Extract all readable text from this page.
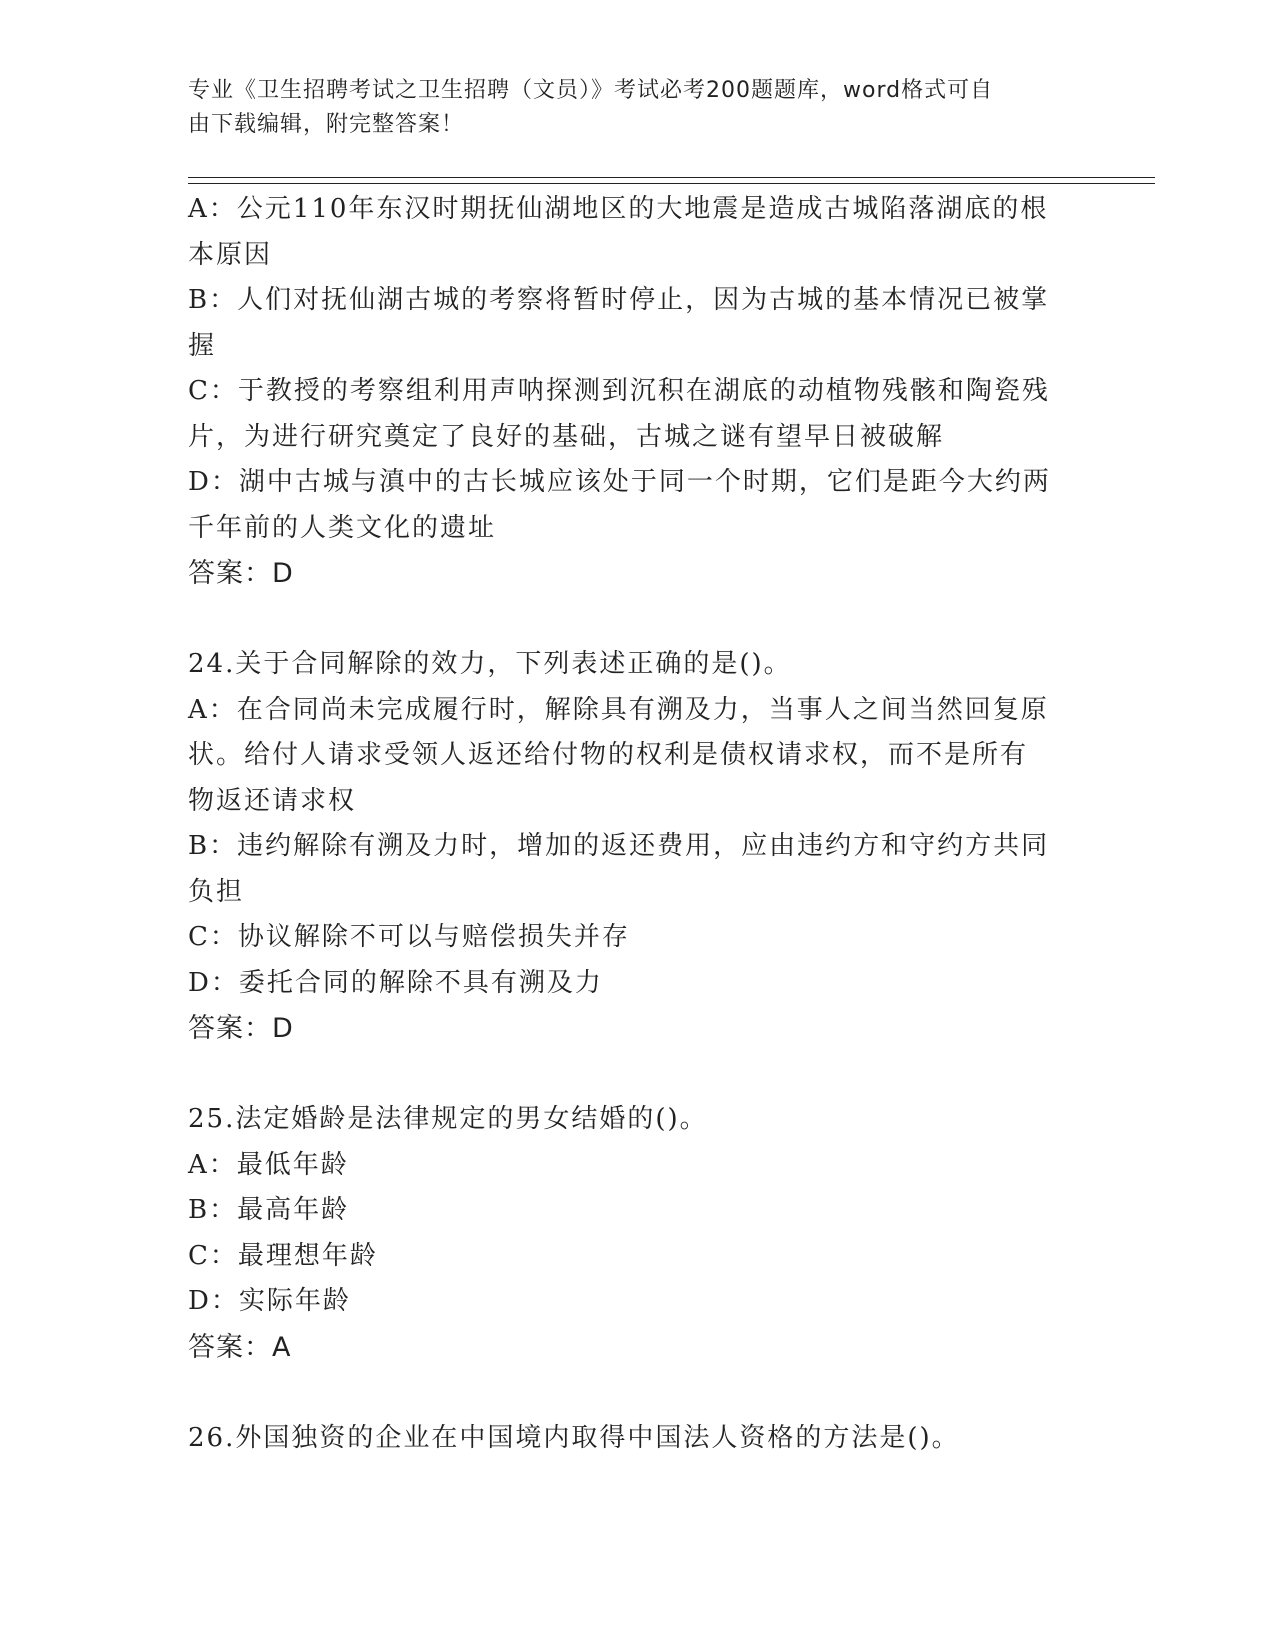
专业《卫生招聘考试之卫生招聘（文员）》考试必考200题题库，word格式可自
由下载编辑，附完整答案！
A：公元110年东汉时期抚仙湖地区的大地震是造成古城陷落湖底的根
本原因
B：人们对抚仙湖古城的考察将暂时停止，因为古城的基本情况已被掌
握
C：于教授的考察组利用声呐探测到沉积在湖底的动植物残骸和陶瓷残
片，为进行研究奠定了良好的基础，古城之谜有望早日被破解
D：湖中古城与滇中的古长城应该处于同一个时期，它们是距今大约两
千年前的人类文化的遗址
答案：D
24.关于合同解除的效力，下列表述正确的是()。
A：在合同尚未完成履行时，解除具有溯及力，当事人之间当然回复原
状。给付人请求受领人返还给付物的权利是债权请求权，而不是所有
物返还请求权
B：违约解除有溯及力时，增加的返还费用，应由违约方和守约方共同
负担
C：协议解除不可以与赔偿损失并存
D：委托合同的解除不具有溯及力
答案：D
25.法定婚龄是法律规定的男女结婚的()。
A：最低年龄
B：最高年龄
C：最理想年龄
D：实际年龄
答案：A
26.外国独资的企业在中国境内取得中国法人资格的方法是()。
